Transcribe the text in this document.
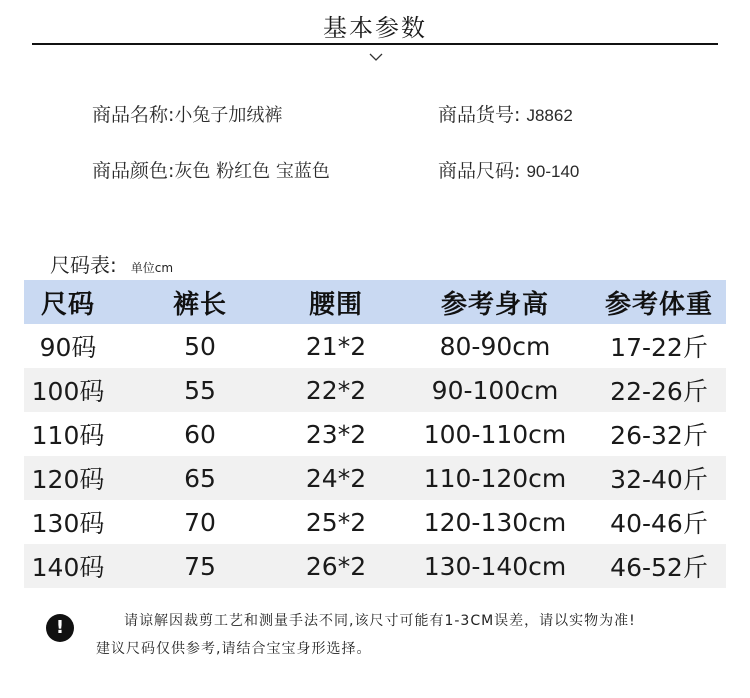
基本参数
商品名称:小兔子加绒裤	商品货号: J8862
商品颜色:灰色 粉红色 宝蓝色	商品尺码: 90-140
尺码表: 单位cm
尺码	裤长	腰围	参考身高	参考体重
90码	50	21*2	80-90cm	17-22斤
100码	55	22*2	90-100cm	22-26斤
110码	60	23*2	100-110cm	26-32斤
120码	65	24*2	110-120cm	32-40斤
130码	70	25*2	120-130cm	40-46斤
140码	75	26*2	130-140cm	46-52斤
!	请谅解因裁剪工艺和测量手法不同,该尺寸可能有1-3CM误差，请以实物为准!
建议尺码仅供参考,请结合宝宝身形选择。
